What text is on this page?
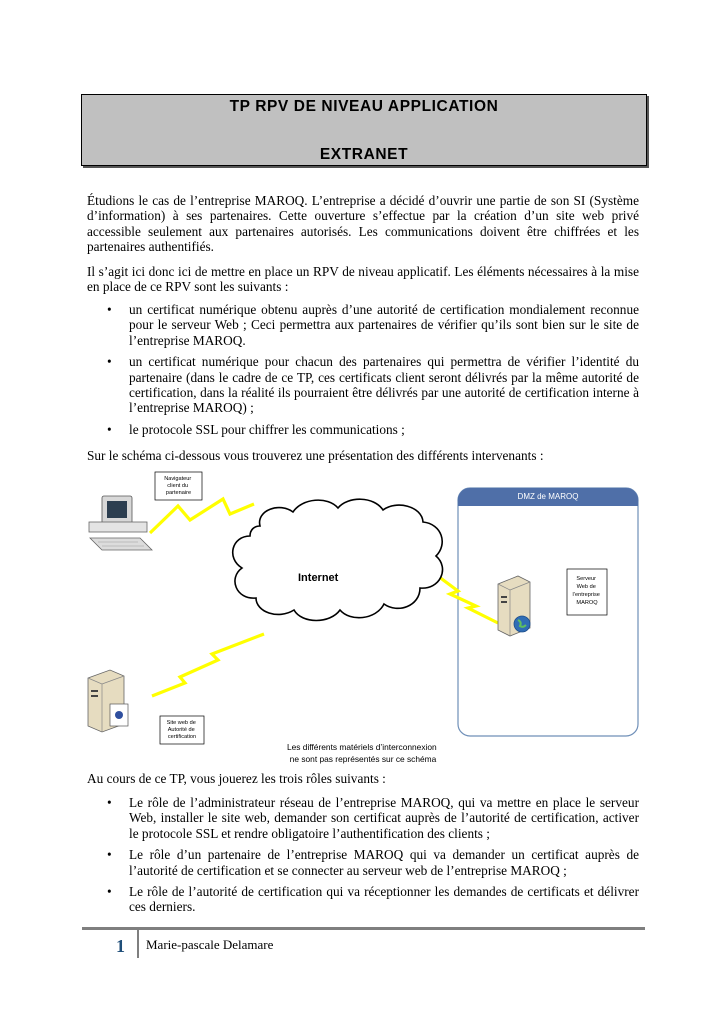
TP RPV DE NIVEAU APPLICATION
EXTRANET

Étudions le cas de l’entreprise MAROQ. L’entreprise a décidé d’ouvrir une partie de son SI (Système d’information) à ses partenaires. Cette ouverture s’effectue par la création d’un site web privé accessible seulement aux partenaires autorisés. Les communications doivent être chiffrées et les partenaires authentifiés.

Il s’agit ici donc ici de mettre en place un RPV de niveau applicatif. Les éléments nécessaires à la mise en place de ce RPV sont les suivants :

• un certificat numérique obtenu auprès d’une autorité de certification mondialement reconnue pour le serveur Web ; Ceci permettra aux partenaires de vérifier qu’ils sont bien sur le site de l’entreprise MAROQ.
• un certificat numérique pour chacun des partenaires qui permettra de vérifier l’identité du partenaire (dans le cadre de ce TP, ces certificats client seront délivrés par la même autorité de certification, dans la réalité ils pourraient être délivrés par une autorité de certification interne à l’entreprise MAROQ) ;
• le protocole SSL pour chiffrer les communications ;

Sur le schéma ci-dessous vous trouverez une présentation des différents intervenants :

DMZ de MAROQ
Internet
Navigateur client du partenaire
Serveur Web de l’entreprise MAROQ
Site web de Autorité de certification
Les différents matériels d’interconnexion ne sont pas représentés sur ce schéma

Au cours de ce TP, vous jouerez les trois rôles suivants :

• Le rôle de l’administrateur réseau de l’entreprise MAROQ, qui va mettre en place le serveur Web, installer le site web, demander son certificat auprès de l’autorité de certification, activer le protocole SSL et rendre obligatoire l’authentification des clients ;
• Le rôle d’un partenaire de l’entreprise MAROQ qui va demander un certificat auprès de l’autorité de certification et se connecter au serveur web de l’entreprise MAROQ ;
• Le rôle de l’autorité de certification qui va réceptionner les demandes de certificats et délivrer ces derniers.
1 Marie-pascale Delamare
